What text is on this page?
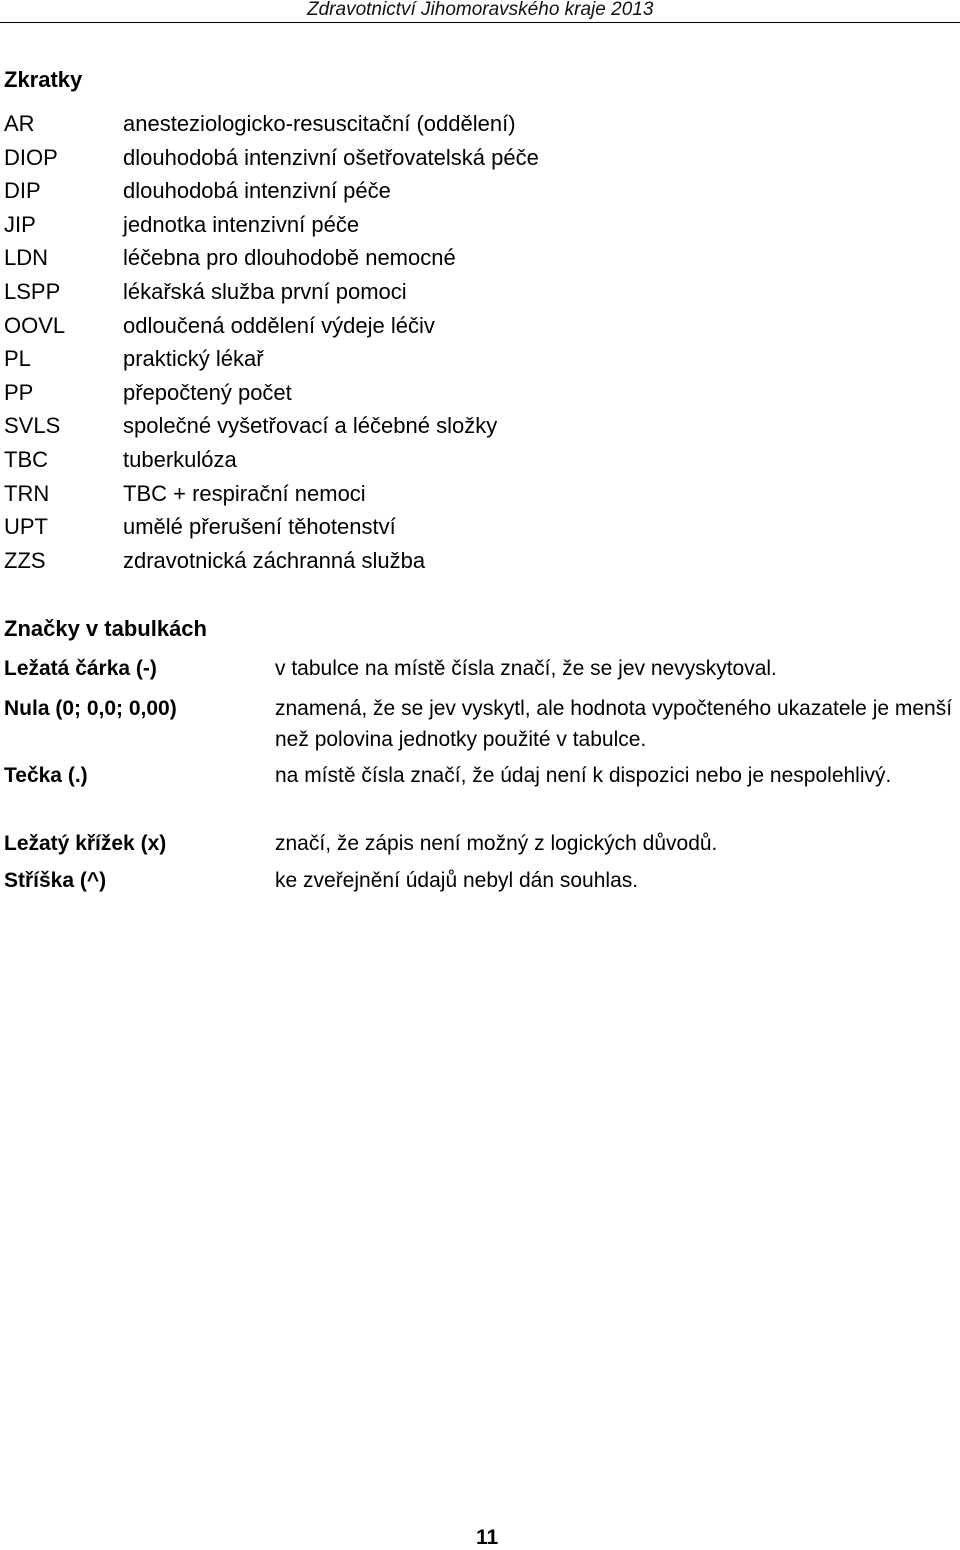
Zdravotnictví Jihomoravského kraje 2013
Zkratky
AR	anesteziologicko-resuscitační (oddělení)
DIOP	dlouhodobá intenzivní ošetřovatelská péče
DIP	dlouhodobá intenzivní péče
JIP	jednotka intenzivní péče
LDN	léčebna pro dlouhodobě nemocné
LSPP	lékařská služba první pomoci
OOVL	odloučená oddělení výdeje léčiv
PL	praktický lékař
PP	přepočtený počet
SVLS	společné vyšetřovací a léčebné složky
TBC	tuberkulóza
TRN	TBC + respirační nemoci
UPT	umělé přerušení těhotenství
ZZS	zdravotnická záchranná služba
Značky v tabulkách
Ležatá čárka (-)	v tabulce na místě čísla značí, že se jev nevyskytoval.
Nula (0; 0,0; 0,00)	znamená, že se jev vyskytl, ale hodnota vypočteného ukazatele je menší než polovina jednotky použité v tabulce.
Tečka (.)	na místě čísla značí, že údaj není k dispozici nebo je nespolehlivý.
Ležatý křížek (x)	značí, že zápis není možný z logických důvodů.
Stříška (^)	ke zveřejnění údajů nebyl dán souhlas.
11
